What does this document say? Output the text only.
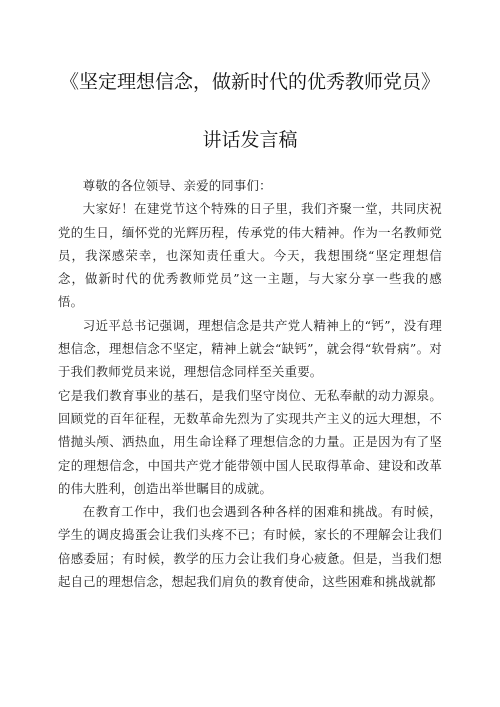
《坚定理想信念，做新时代的优秀教师党员》
讲话发言稿

尊敬的各位领导、亲爱的同事们：

大家好！在建党节这个特殊的日子里，我们齐聚一堂，共同庆祝党的生日，缅怀党的光辉历程，传承党的伟大精神。作为一名教师党员，我深感荣幸，也深知责任重大。今天，我想围绕“坚定理想信念，做新时代的优秀教师党员”这一主题，与大家分享一些我的感悟。

习近平总书记强调，理想信念是共产党人精神上的“钙”，没有理想信念，理想信念不坚定，精神上就会“缺钙”，就会得“软骨病”。对于我们教师党员来说，理想信念同样至关重要。

它是我们教育事业的基石，是我们坚守岗位、无私奉献的动力源泉。回顾党的百年征程，无数革命先烈为了实现共产主义的远大理想，不惜抛头颅、洒热血，用生命诠释了理想信念的力量。正是因为有了坚定的理想信念，中国共产党才能带领中国人民取得革命、建设和改革的伟大胜利，创造出举世瞩目的成就。

在教育工作中，我们也会遇到各种各样的困难和挑战。有时候，学生的调皮捣蛋会让我们头疼不已；有时候，家长的不理解会让我们倍感委屈；有时候，教学的压力会让我们身心疲惫。但是，当我们想起自己的理想信念，想起我们肩负的教育使命，这些困难和挑战就都
